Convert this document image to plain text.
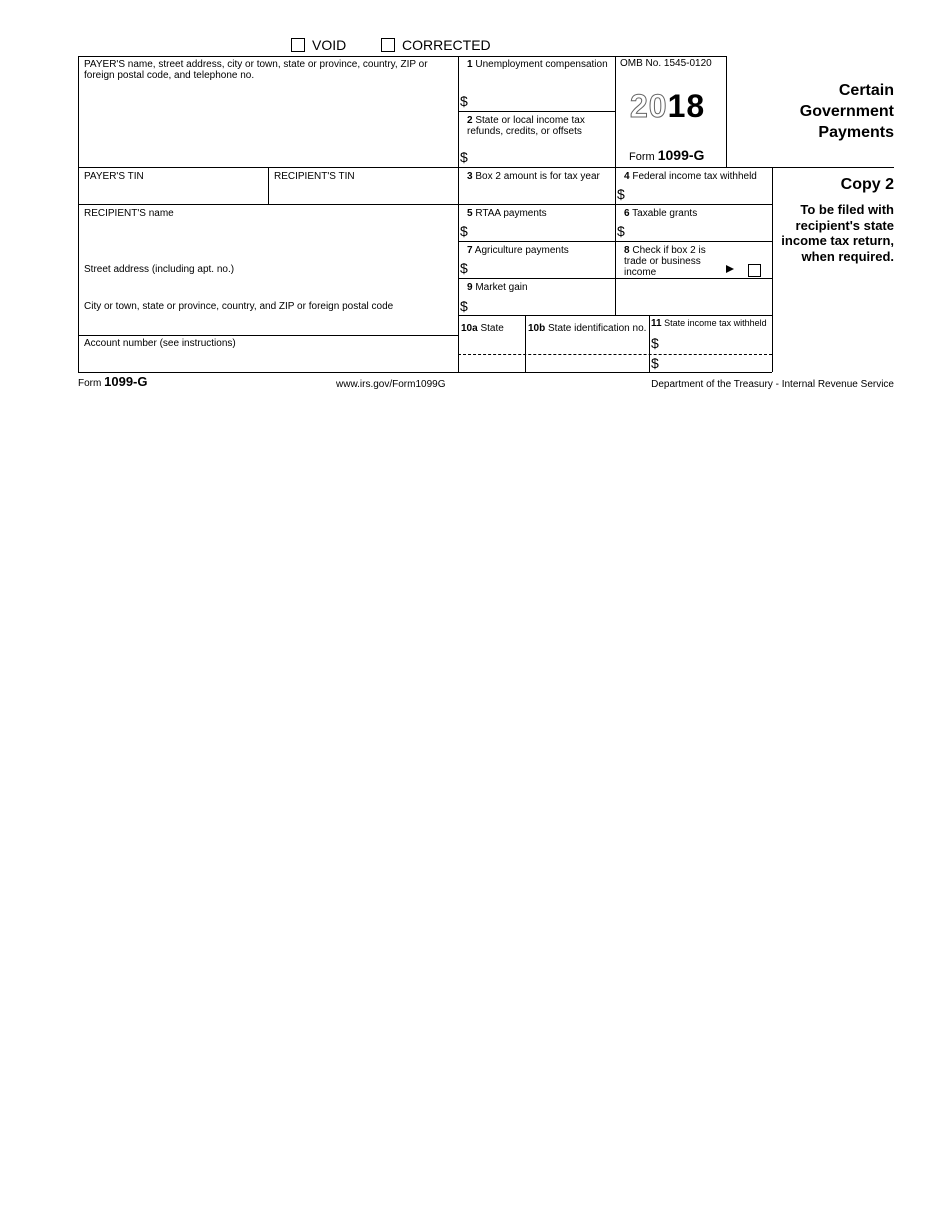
VOID	CORRECTED
PAYER'S name, street address, city or town, state or province, country, ZIP or foreign postal code, and telephone no.
1 Unemployment compensation
$
2 State or local income tax refunds, credits, or offsets
$
OMB No. 1545-0120
2018
Form 1099-G
Certain Government Payments
PAYER'S TIN	RECIPIENT'S TIN	3 Box 2 amount is for tax year	4 Federal income tax withheld
$
Copy 2
To be filed with recipient's state income tax return, when required.
RECIPIENT'S name
Street address (including apt. no.)
City or town, state or province, country, and ZIP or foreign postal code
Account number (see instructions)
5 RTAA payments
$
6 Taxable grants
$
7 Agriculture payments
$
8 Check if box 2 is trade or business income
9 Market gain
$
10a State 10b State identification no. 11 State income tax withheld
$
$
Form 1099-G	www.irs.gov/Form1099G	Department of the Treasury - Internal Revenue Service
